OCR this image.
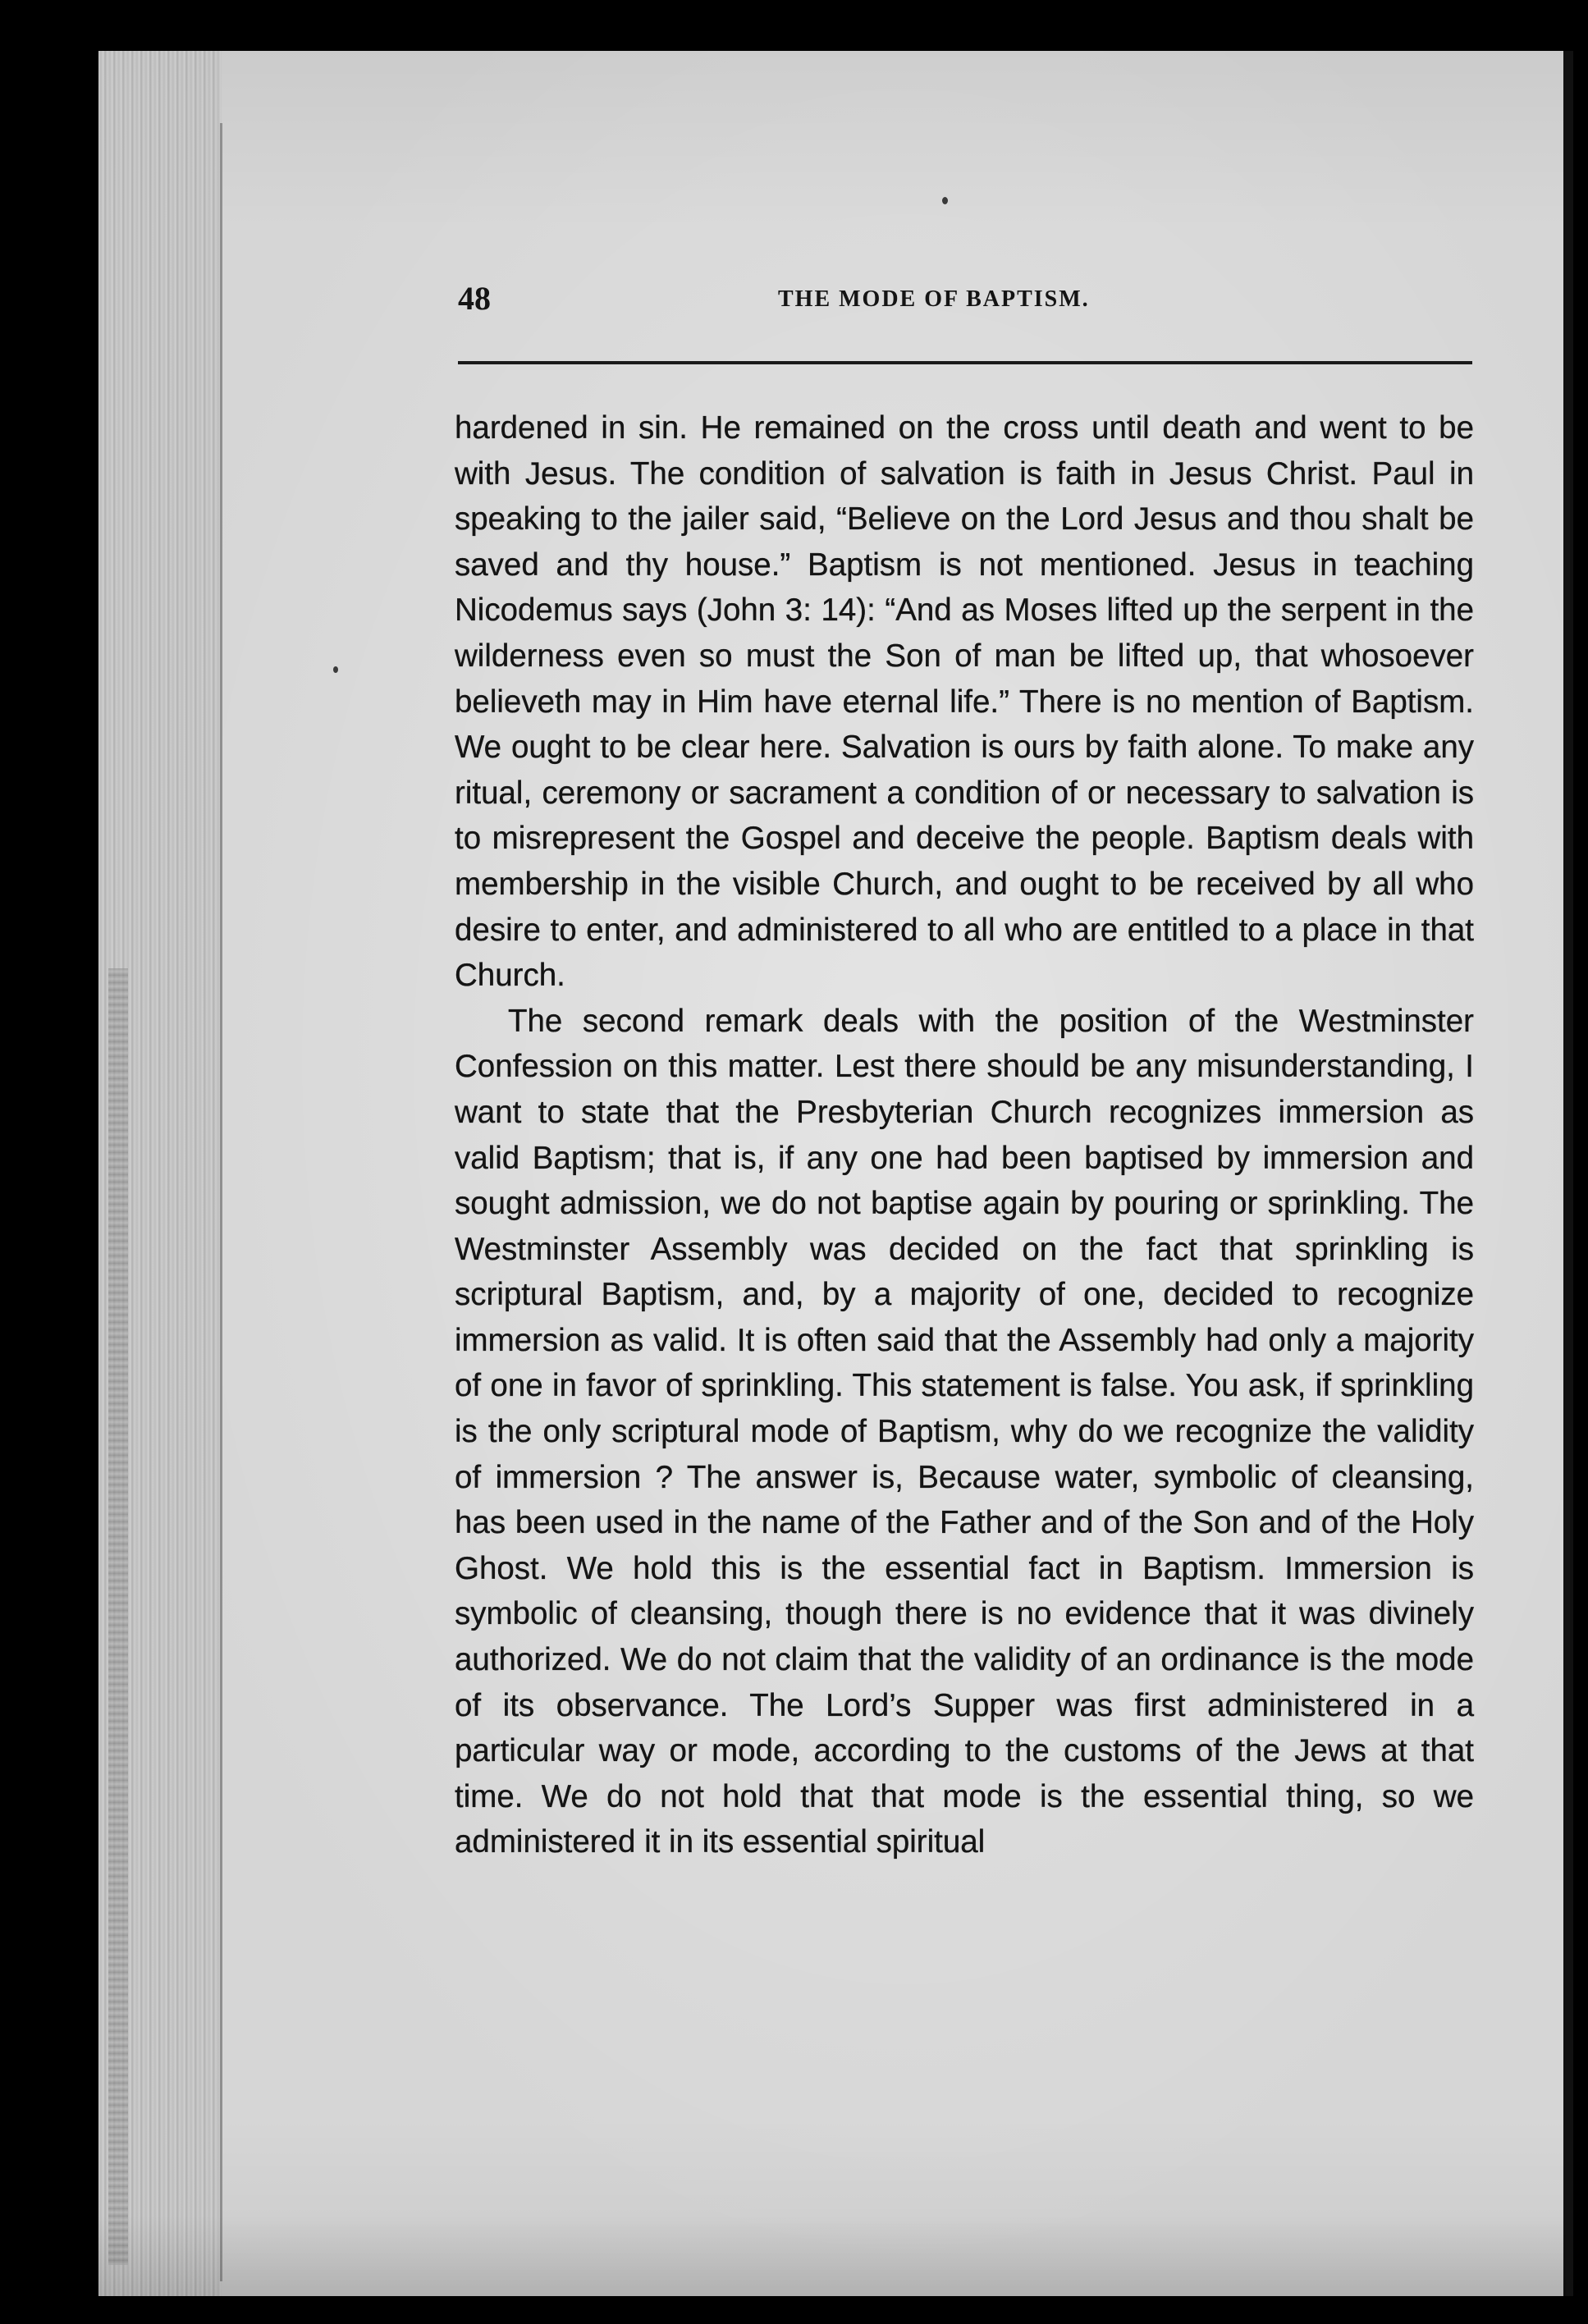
48	THE MODE OF BAPTISM.

hardened in sin. He remained on the cross until death and went to be with Jesus. The condition of salvation is faith in Jesus Christ. Paul in speaking to the jailer said, “Believe on the Lord Jesus and thou shalt be saved and thy house.” Baptism is not mentioned. Jesus in teaching Nicodemus says (John 3: 14): “And as Moses lifted up the serpent in the wilderness even so must the Son of man be lifted up, that whosoever believeth may in Him have eternal life.” There is no mention of Baptism. We ought to be clear here. Salvation is ours by faith alone. To make any ritual, ceremony or sacrament a condition of or necessary to salvation is to misrepresent the Gospel and deceive the people. Baptism deals with membership in the visible Church, and ought to be received by all who desire to enter, and administered to all who are entitled to a place in that Church.

The second remark deals with the position of the Westminster Confession on this matter. Lest there should be any misunderstanding, I want to state that the Presbyterian Church recognizes immersion as valid Baptism; that is, if any one had been baptised by immersion and sought admission, we do not baptise again by pouring or sprinkling. The Westminster Assembly was decided on the fact that sprinkling is scriptural Baptism, and, by a majority of one, decided to recognize immersion as valid. It is often said that the Assembly had only a majority of one in favor of sprinkling. This statement is false. You ask, if sprinkling is the only scriptural mode of Baptism, why do we recognize the validity of immersion ? The answer is, Because water, symbolic of cleansing, has been used in the name of the Father and of the Son and of the Holy Ghost. We hold this is the essential fact in Baptism. Immersion is symbolic of cleansing, though there is no evidence that it was divinely authorized. We do not claim that the validity of an ordinance is the mode of its observance. The Lord’s Supper was first administered in a particular way or mode, according to the customs of the Jews at that time. We do not hold that that mode is the essential thing, so we administered it in its essential spiritual
